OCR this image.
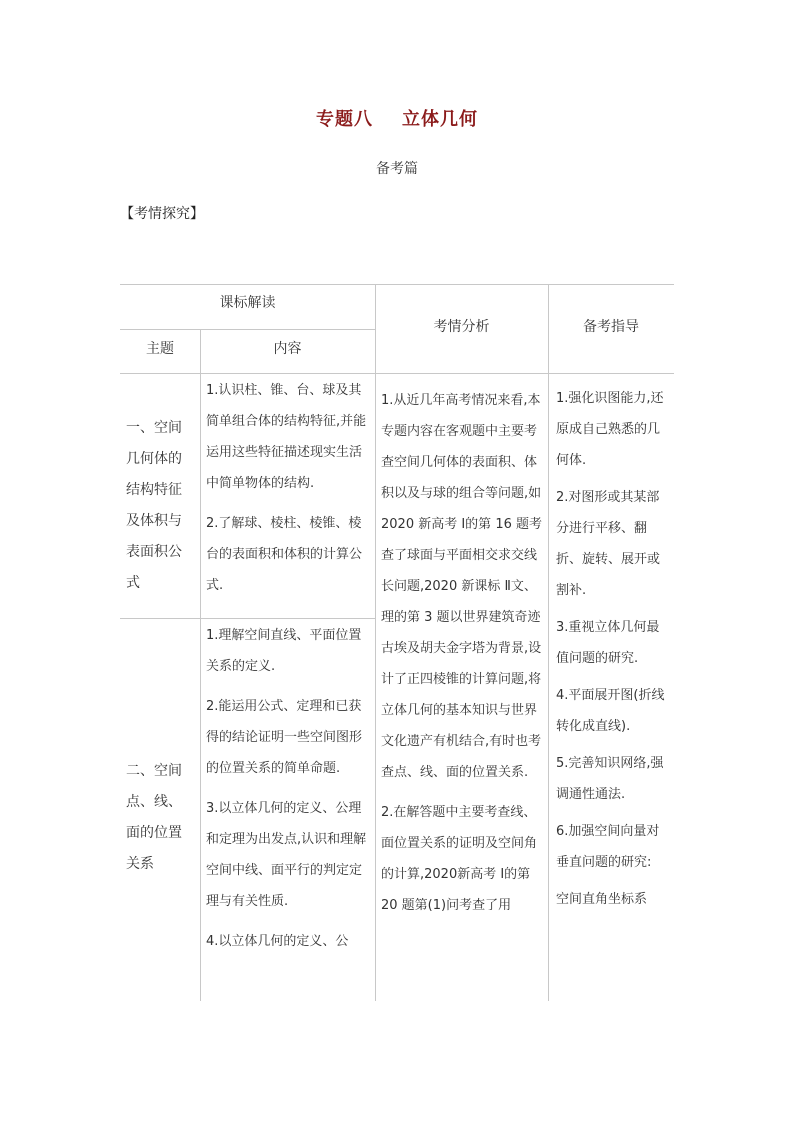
专题八    立体几何
备考篇
【考情探究】
课标解读
主题	内容
考情分析	备考指导
一、空间几何体的结构特征及体积与表面积公式

1.认识柱、锥、台、球及其简单组合体的结构特征,并能运用这些特征描述现实生活中简单物体的结构.

2.了解球、棱柱、棱锥、棱台的表面积和体积的计算公式.

二、空间点、线、面的位置关系

1.理解空间直线、平面位置关系的定义.

2.能运用公式、定理和已获得的结论证明一些空间图形的位置关系的简单命题.

3.以立体几何的定义、公理和定理为出发点,认识和理解空间中线、面平行的判定定理与有关性质.

4.以立体几何的定义、公

1.从近几年高考情况来看,本专题内容在客观题中主要考查空间几何体的表面积、体积以及与球的组合等问题,如 2020 新高考 Ⅰ的第 16 题考查了球面与平面相交求交线长问题,2020 新课标 Ⅱ文、理的第 3 题以世界建筑奇迹古埃及胡夫金字塔为背景,设计了正四棱锥的计算问题,将立体几何的基本知识与世界文化遗产有机结合,有时也考查点、线、面的位置关系.

2.在解答题中主要考查线、面位置关系的证明及空间角的计算,2020新高考 Ⅰ的第 20 题第(1)问考查了用

1.强化识图能力,还原成自己熟悉的几何体.

2.对图形或其某部分进行平移、翻折、旋转、展开或割补.

3.重视立体几何最值问题的研究.

4.平面展开图(折线转化成直线).

5.完善知识网络,强调通性通法.

6.加强空间向量对垂直问题的研究:

空间直角坐标系
